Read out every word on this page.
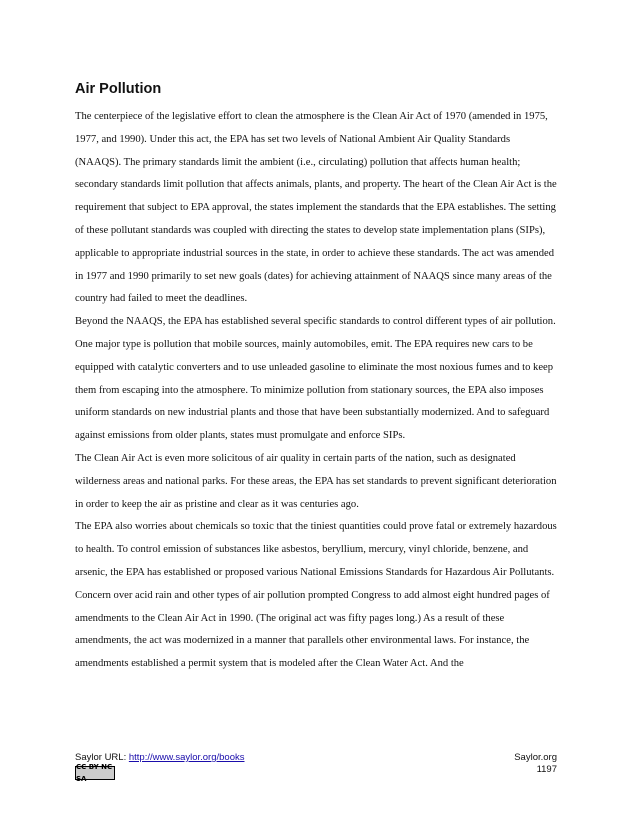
Air Pollution

The centerpiece of the legislative effort to clean the atmosphere is the Clean Air Act of 1970 (amended in 1975, 1977, and 1990). Under this act, the EPA has set two levels of National Ambient Air Quality Standards (NAAQS). The primary standards limit the ambient (i.e., circulating) pollution that affects human health; secondary standards limit pollution that affects animals, plants, and property. The heart of the Clean Air Act is the requirement that subject to EPA approval, the states implement the standards that the EPA establishes. The setting of these pollutant standards was coupled with directing the states to develop state implementation plans (SIPs), applicable to appropriate industrial sources in the state, in order to achieve these standards. The act was amended in 1977 and 1990 primarily to set new goals (dates) for achieving attainment of NAAQS since many areas of the country had failed to meet the deadlines.

Beyond the NAAQS, the EPA has established several specific standards to control different types of air pollution. One major type is pollution that mobile sources, mainly automobiles, emit. The EPA requires new cars to be equipped with catalytic converters and to use unleaded gasoline to eliminate the most noxious fumes and to keep them from escaping into the atmosphere. To minimize pollution from stationary sources, the EPA also imposes uniform standards on new industrial plants and those that have been substantially modernized. And to safeguard against emissions from older plants, states must promulgate and enforce SIPs.

The Clean Air Act is even more solicitous of air quality in certain parts of the nation, such as designated wilderness areas and national parks. For these areas, the EPA has set standards to prevent significant deterioration in order to keep the air as pristine and clear as it was centuries ago.

The EPA also worries about chemicals so toxic that the tiniest quantities could prove fatal or extremely hazardous to health. To control emission of substances like asbestos, beryllium, mercury, vinyl chloride, benzene, and arsenic, the EPA has established or proposed various National Emissions Standards for Hazardous Air Pollutants.

Concern over acid rain and other types of air pollution prompted Congress to add almost eight hundred pages of amendments to the Clean Air Act in 1990. (The original act was fifty pages long.) As a result of these amendments, the act was modernized in a manner that parallels other environmental laws. For instance, the amendments established a permit system that is modeled after the Clean Water Act. And the

Saylor URL: http://www.saylor.org/books
CC BY NC SA
Saylor.org
1197
